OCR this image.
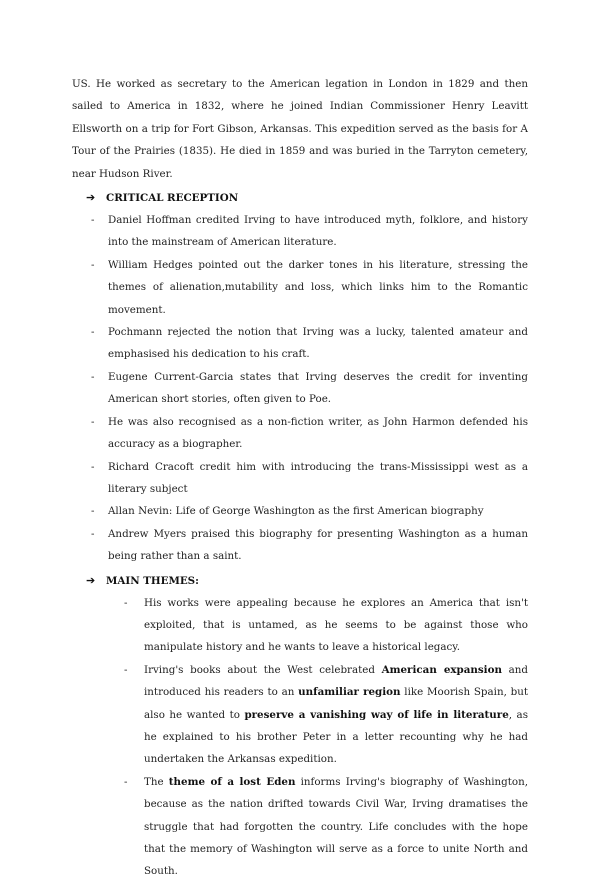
US. He worked as secretary to the American legation in London in 1829 and then sailed to America in 1832, where he joined Indian Commissioner Henry Leavitt Ellsworth on a trip for Fort Gibson, Arkansas. This expedition served as the basis for A Tour of the Prairies (1835). He died in 1859 and was buried in the Tarryton cemetery, near Hudson River.

➔	CRITICAL RECEPTION
- Daniel Hoffman credited Irving to have introduced myth, folklore, and history into the mainstream of American literature.
- William Hedges pointed out the darker tones in his literature, stressing the themes of alienation,mutability and loss, which links him to the Romantic movement.
- Pochmann rejected the notion that Irving was a lucky, talented amateur and emphasised his dedication to his craft.
- Eugene Current-Garcia states that Irving deserves the credit for inventing American short stories, often given to Poe.
- He was also recognised as a non-fiction writer, as John Harmon defended his accuracy as a biographer.
- Richard Cracoft credit him with introducing the trans-Mississippi west as a literary subject
- Allan Nevin: Life of George Washington as the first American biography
- Andrew Myers praised this biography for presenting Washington as a human being rather than a saint.
➔	MAIN THEMES:
- His works were appealing because he explores an America that isn't exploited, that is untamed, as he seems to be against those who manipulate history and he wants to leave a historical legacy.
- Irving's books about the West celebrated American expansion and introduced his readers to an unfamiliar region like Moorish Spain, but also he wanted to preserve a vanishing way of life in literature, as he explained to his brother Peter in a letter recounting why he had undertaken the Arkansas expedition.
- The theme of a lost Eden informs Irving's biography of Washington, because as the nation drifted towards Civil War, Irving dramatises the struggle that had forgotten the country. Life concludes with the hope that the memory of Washington will serve as a force to unite North and South.
